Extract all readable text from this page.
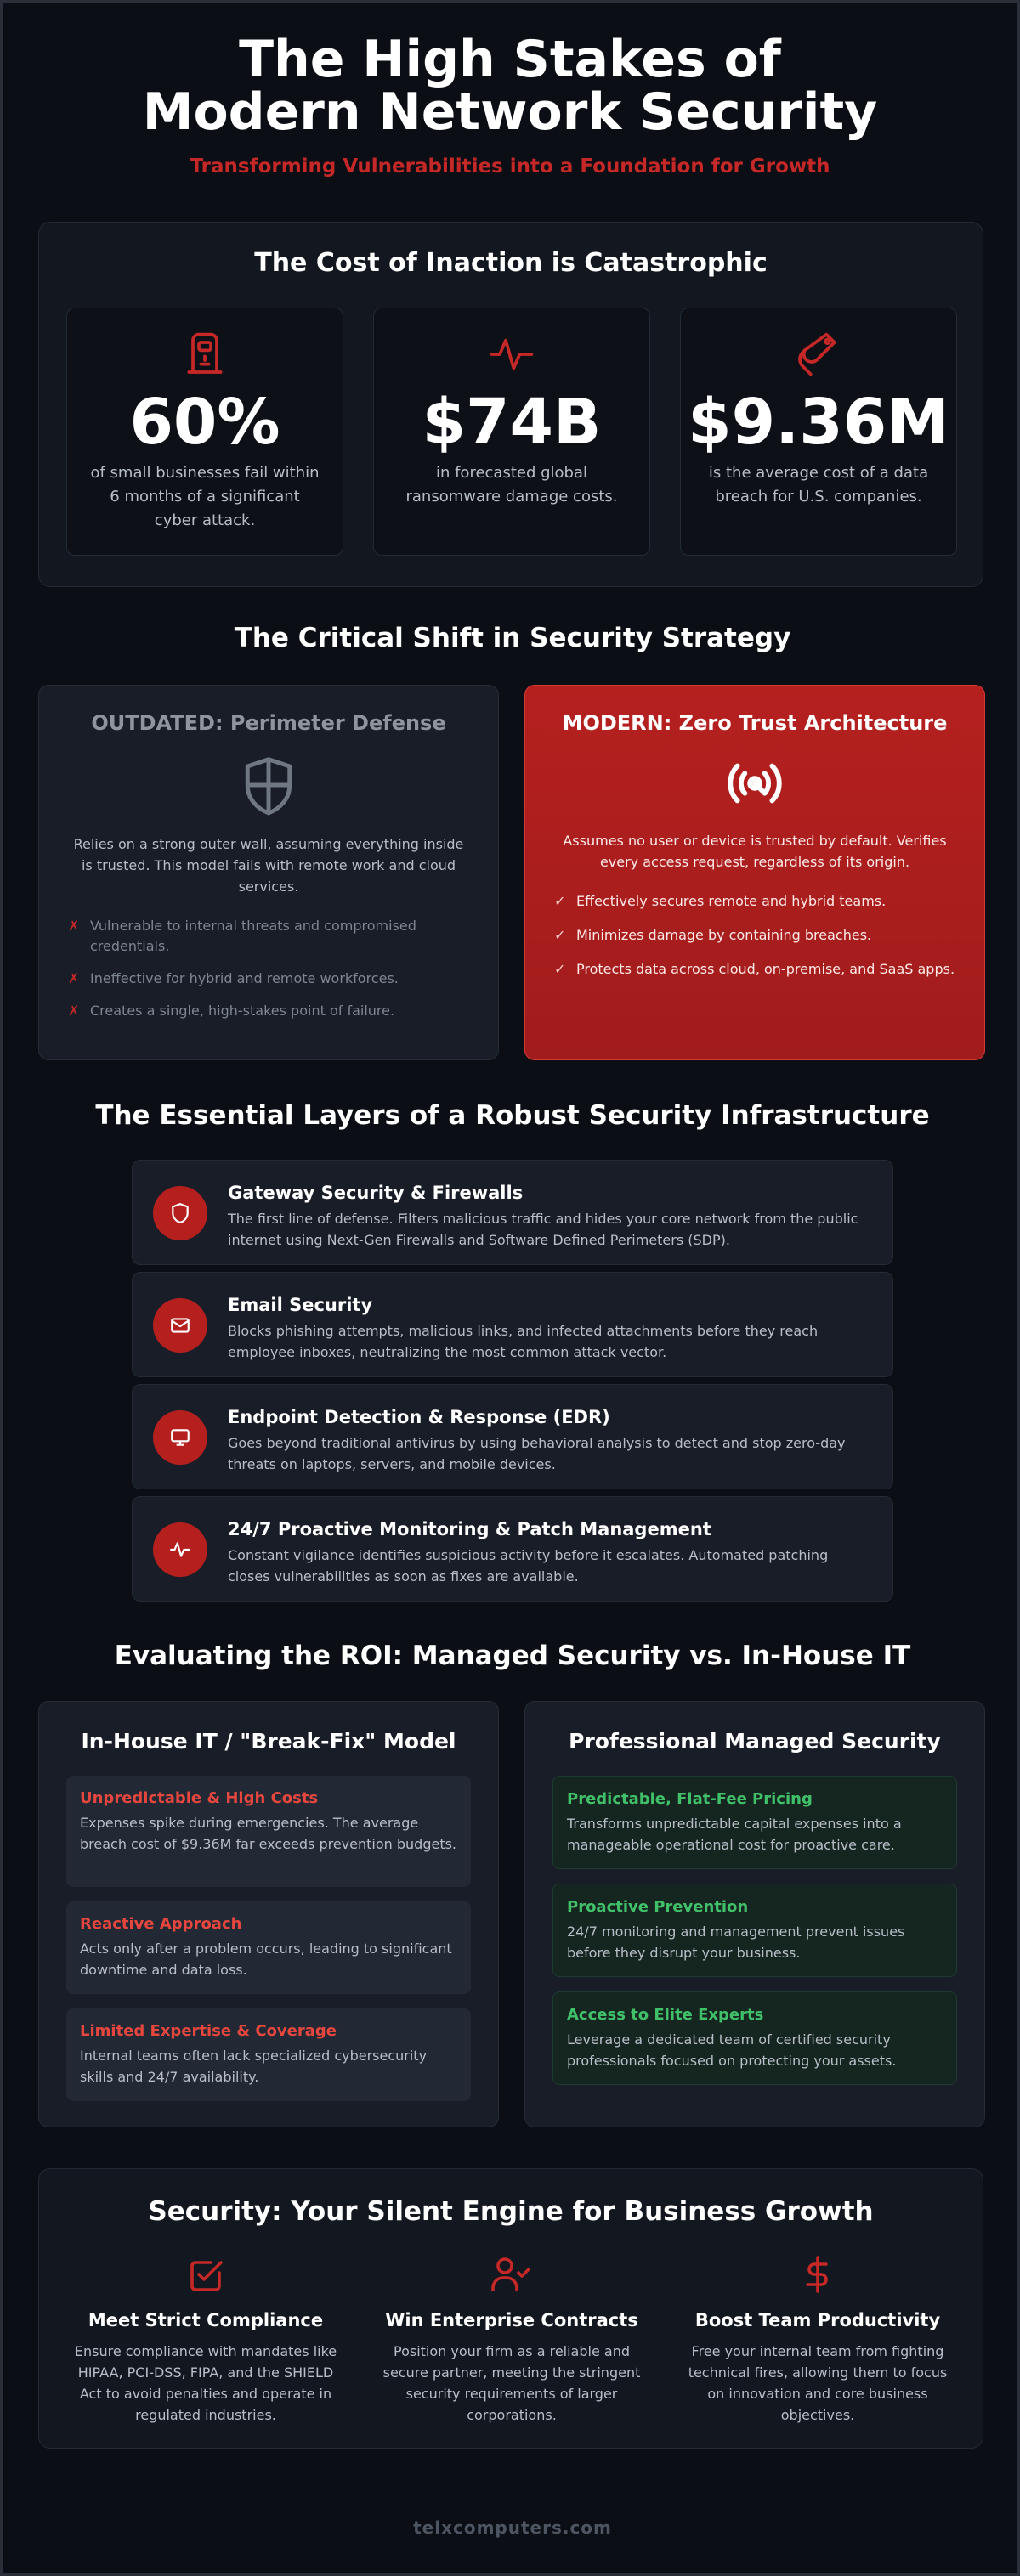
The High Stakes of Modern Network Security
Transforming Vulnerabilities into a Foundation for Growth
The Cost of Inaction is Catastrophic
60%
of small businesses fail within 6 months of a significant cyber attack.
$74B
in forecasted global ransomware damage costs.
$9.36M
is the average cost of a data breach for U.S. companies.
The Critical Shift in Security Strategy
OUTDATED: Perimeter Defense
Relies on a strong outer wall, assuming everything inside is trusted. This model fails with remote work and cloud services.
✗ Vulnerable to internal threats and compromised credentials.
✗ Ineffective for hybrid and remote workforces.
✗ Creates a single, high-stakes point of failure.
MODERN: Zero Trust Architecture
Assumes no user or device is trusted by default. Verifies every access request, regardless of its origin.
✓ Effectively secures remote and hybrid teams.
✓ Minimizes damage by containing breaches.
✓ Protects data across cloud, on-premise, and SaaS apps.
The Essential Layers of a Robust Security Infrastructure
Gateway Security & Firewalls
The first line of defense. Filters malicious traffic and hides your core network from the public internet using Next-Gen Firewalls and Software Defined Perimeters (SDP).
Email Security
Blocks phishing attempts, malicious links, and infected attachments before they reach employee inboxes, neutralizing the most common attack vector.
Endpoint Detection & Response (EDR)
Goes beyond traditional antivirus by using behavioral analysis to detect and stop zero-day threats on laptops, servers, and mobile devices.
24/7 Proactive Monitoring & Patch Management
Constant vigilance identifies suspicious activity before it escalates. Automated patching closes vulnerabilities as soon as fixes are available.
Evaluating the ROI: Managed Security vs. In-House IT
In-House IT / "Break-Fix" Model
Unpredictable & High Costs
Expenses spike during emergencies. The average breach cost of $9.36M far exceeds prevention budgets.
Reactive Approach
Acts only after a problem occurs, leading to significant downtime and data loss.
Limited Expertise & Coverage
Internal teams often lack specialized cybersecurity skills and 24/7 availability.
Professional Managed Security
Predictable, Flat-Fee Pricing
Transforms unpredictable capital expenses into a manageable operational cost for proactive care.
Proactive Prevention
24/7 monitoring and management prevent issues before they disrupt your business.
Access to Elite Experts
Leverage a dedicated team of certified security professionals focused on protecting your assets.
Security: Your Silent Engine for Business Growth
Meet Strict Compliance
Ensure compliance with mandates like HIPAA, PCI-DSS, FIPA, and the SHIELD Act to avoid penalties and operate in regulated industries.
Win Enterprise Contracts
Position your firm as a reliable and secure partner, meeting the stringent security requirements of larger corporations.
Boost Team Productivity
Free your internal team from fighting technical fires, allowing them to focus on innovation and core business objectives.
telxcomputers.com
